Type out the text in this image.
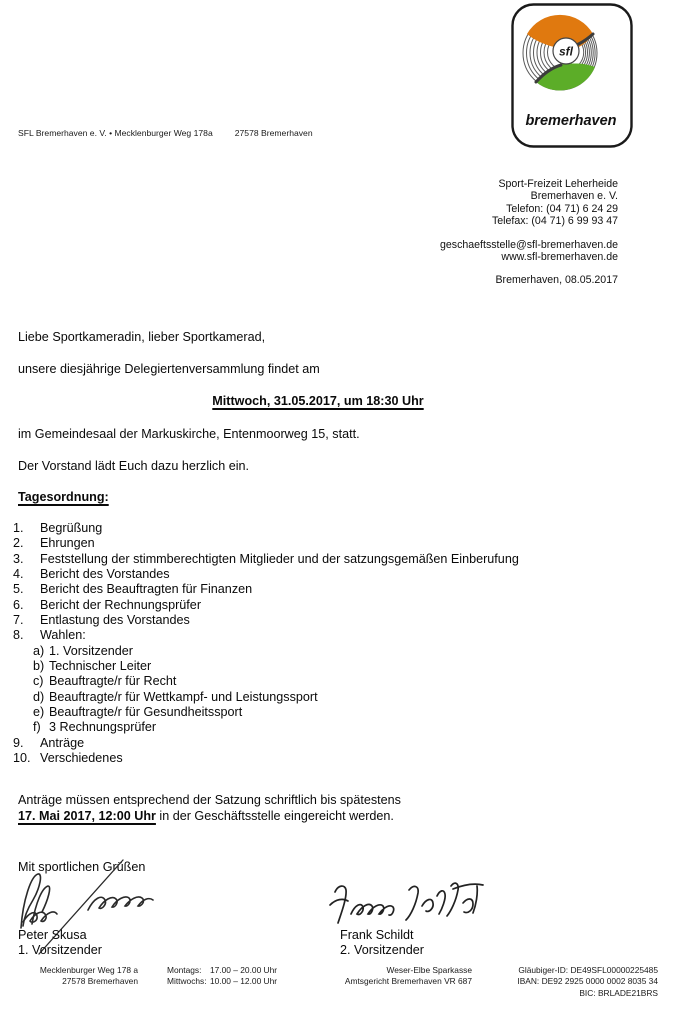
SFL Bremerhaven e. V. • Mecklenburger Weg 178a	27578 Bremerhaven
sfl
bremerhaven
Sport-Freizeit Leherheide
Bremerhaven e. V.
Telefon: (04 71) 6 24 29
Telefax: (04 71) 6 99 93 47
geschaeftsstelle@sfl-bremerhaven.de
www.sfl-bremerhaven.de
Bremerhaven, 08.05.2017
Liebe Sportkameradin, lieber Sportkamerad,
unsere diesjährige Delegiertenversammlung findet am
Mittwoch, 31.05.2017, um 18:30 Uhr
im Gemeindesaal der Markuskirche, Entenmoorweg 15, statt.
Der Vorstand lädt Euch dazu herzlich ein.
Tagesordnung:
1.	Begrüßung
2.	Ehrungen
3.	Feststellung der stimmberechtigten Mitglieder und der satzungsgemäßen Einberufung
4.	Bericht des Vorstandes
5.	Bericht des Beauftragten für Finanzen
6.	Bericht der Rechnungsprüfer
7.	Entlastung des Vorstandes
8.	Wahlen:
a) 1. Vorsitzender
b) Technischer Leiter
c) Beauftragte/r für Recht
d) Beauftragte/r für Wettkampf- und Leistungssport
e) Beauftragte/r für Gesundheitssport
f) 3 Rechnungsprüfer
9.	Anträge
10. Verschiedenes
Anträge müssen entsprechend der Satzung schriftlich bis spätestens
17. Mai 2017, 12:00 Uhr in der Geschäftsstelle eingereicht werden.
Mit sportlichen Grüßen
Peter Skusa
1. Vorsitzender
Frank Schildt
2. Vorsitzender
Mecklenburger Weg 178 a
27578 Bremerhaven
Montags: 17.00 – 20.00 Uhr
Mittwochs: 10.00 – 12.00 Uhr
Weser-Elbe Sparkasse
Amtsgericht Bremerhaven VR 687
Gläubiger-ID: DE49SFL00000225485
IBAN: DE92 2925 0000 0002 8035 34
BIC: BRLADE21BRS
